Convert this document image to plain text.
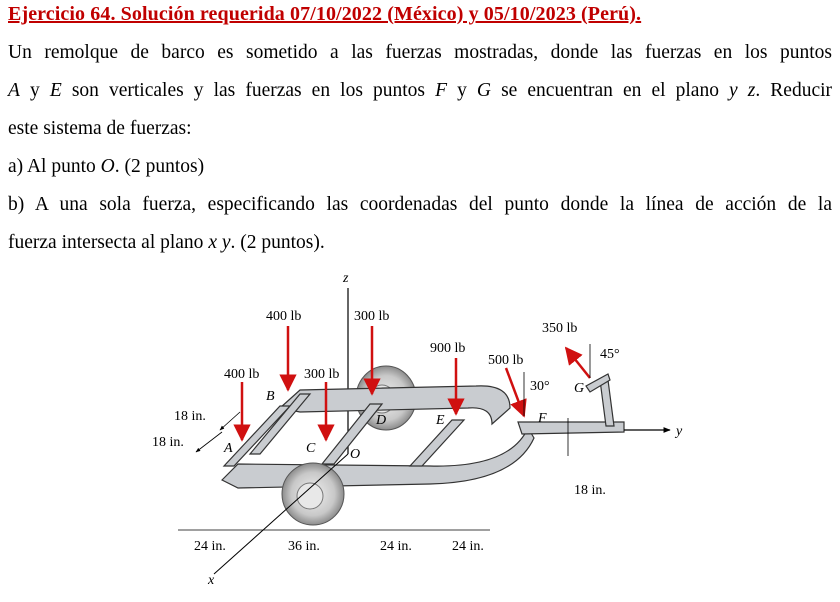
Ejercicio 64. Solución requerida 07/10/2022 (México) y 05/10/2023 (Perú).
Un remolque de barco es sometido a las fuerzas mostradas, donde las fuerzas en los puntos
A y E son verticales y las fuerzas en los puntos F y G se encuentran en el plano y z. Reducir
este sistema de fuerzas:
a) Al punto O. (2 puntos)
b) A una sola fuerza, especificando las coordenadas del punto donde la línea de acción de la
fuerza intersecta al plano x y. (2 puntos).
z
y
x
B
A	C
D
O
E	F
G
400 lb
400 lb
300 lb
300 lb
900 lb
500 lb
30°
350 lb
45°
18 in.
18 in.
18 in.
24 in.	36 in.	24 in.	24 in.
